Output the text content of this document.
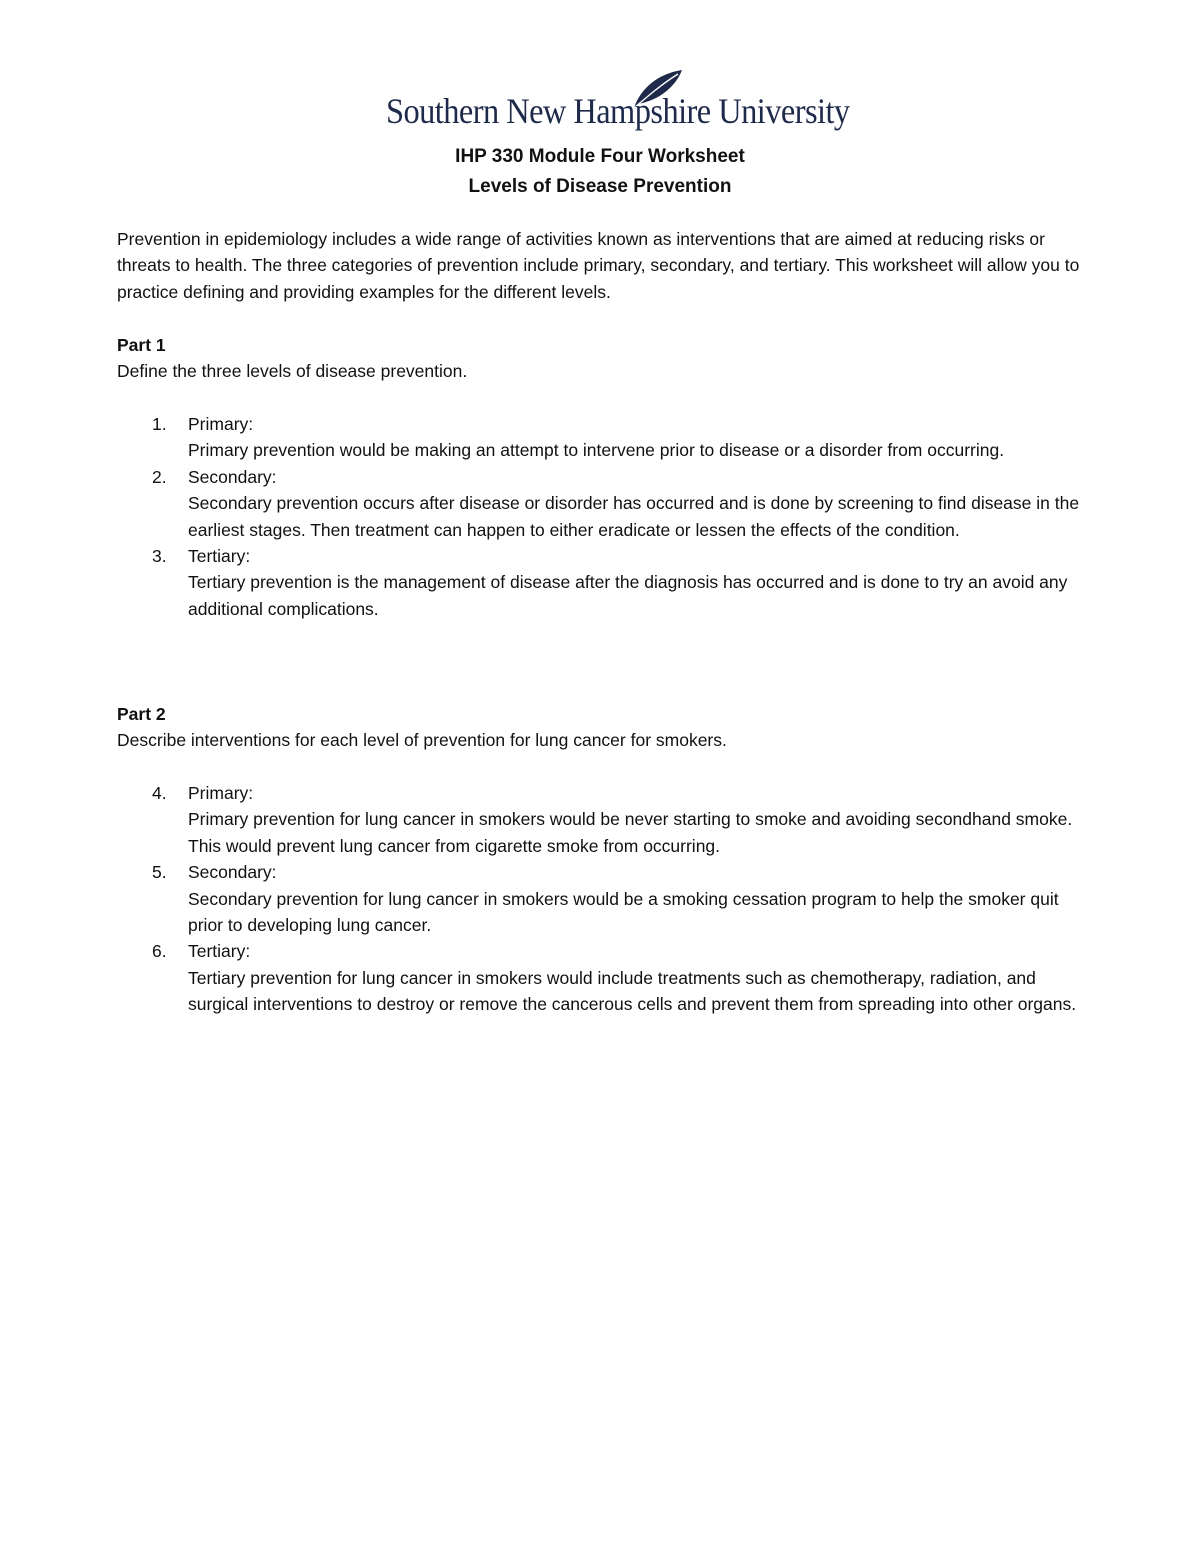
Southern New Hampshire University
IHP 330 Module Four Worksheet
Levels of Disease Prevention
Prevention in epidemiology includes a wide range of activities known as interventions that are aimed at reducing risks or threats to health. The three categories of prevention include primary, secondary, and tertiary. This worksheet will allow you to practice defining and providing examples for the different levels.
Part 1
Define the three levels of disease prevention.
1. Primary:
Primary prevention would be making an attempt to intervene prior to disease or a disorder from occurring.
2. Secondary:
Secondary prevention occurs after disease or disorder has occurred and is done by screening to find disease in the earliest stages. Then treatment can happen to either eradicate or lessen the effects of the condition.
3. Tertiary:
Tertiary prevention is the management of disease after the diagnosis has occurred and is done to try an avoid any additional complications.
Part 2
Describe interventions for each level of prevention for lung cancer for smokers.
4. Primary:
Primary prevention for lung cancer in smokers would be never starting to smoke and avoiding secondhand smoke. This would prevent lung cancer from cigarette smoke from occurring.
5. Secondary:
Secondary prevention for lung cancer in smokers would be a smoking cessation program to help the smoker quit prior to developing lung cancer.
6. Tertiary:
Tertiary prevention for lung cancer in smokers would include treatments such as chemotherapy, radiation, and surgical interventions to destroy or remove the cancerous cells and prevent them from spreading into other organs.
